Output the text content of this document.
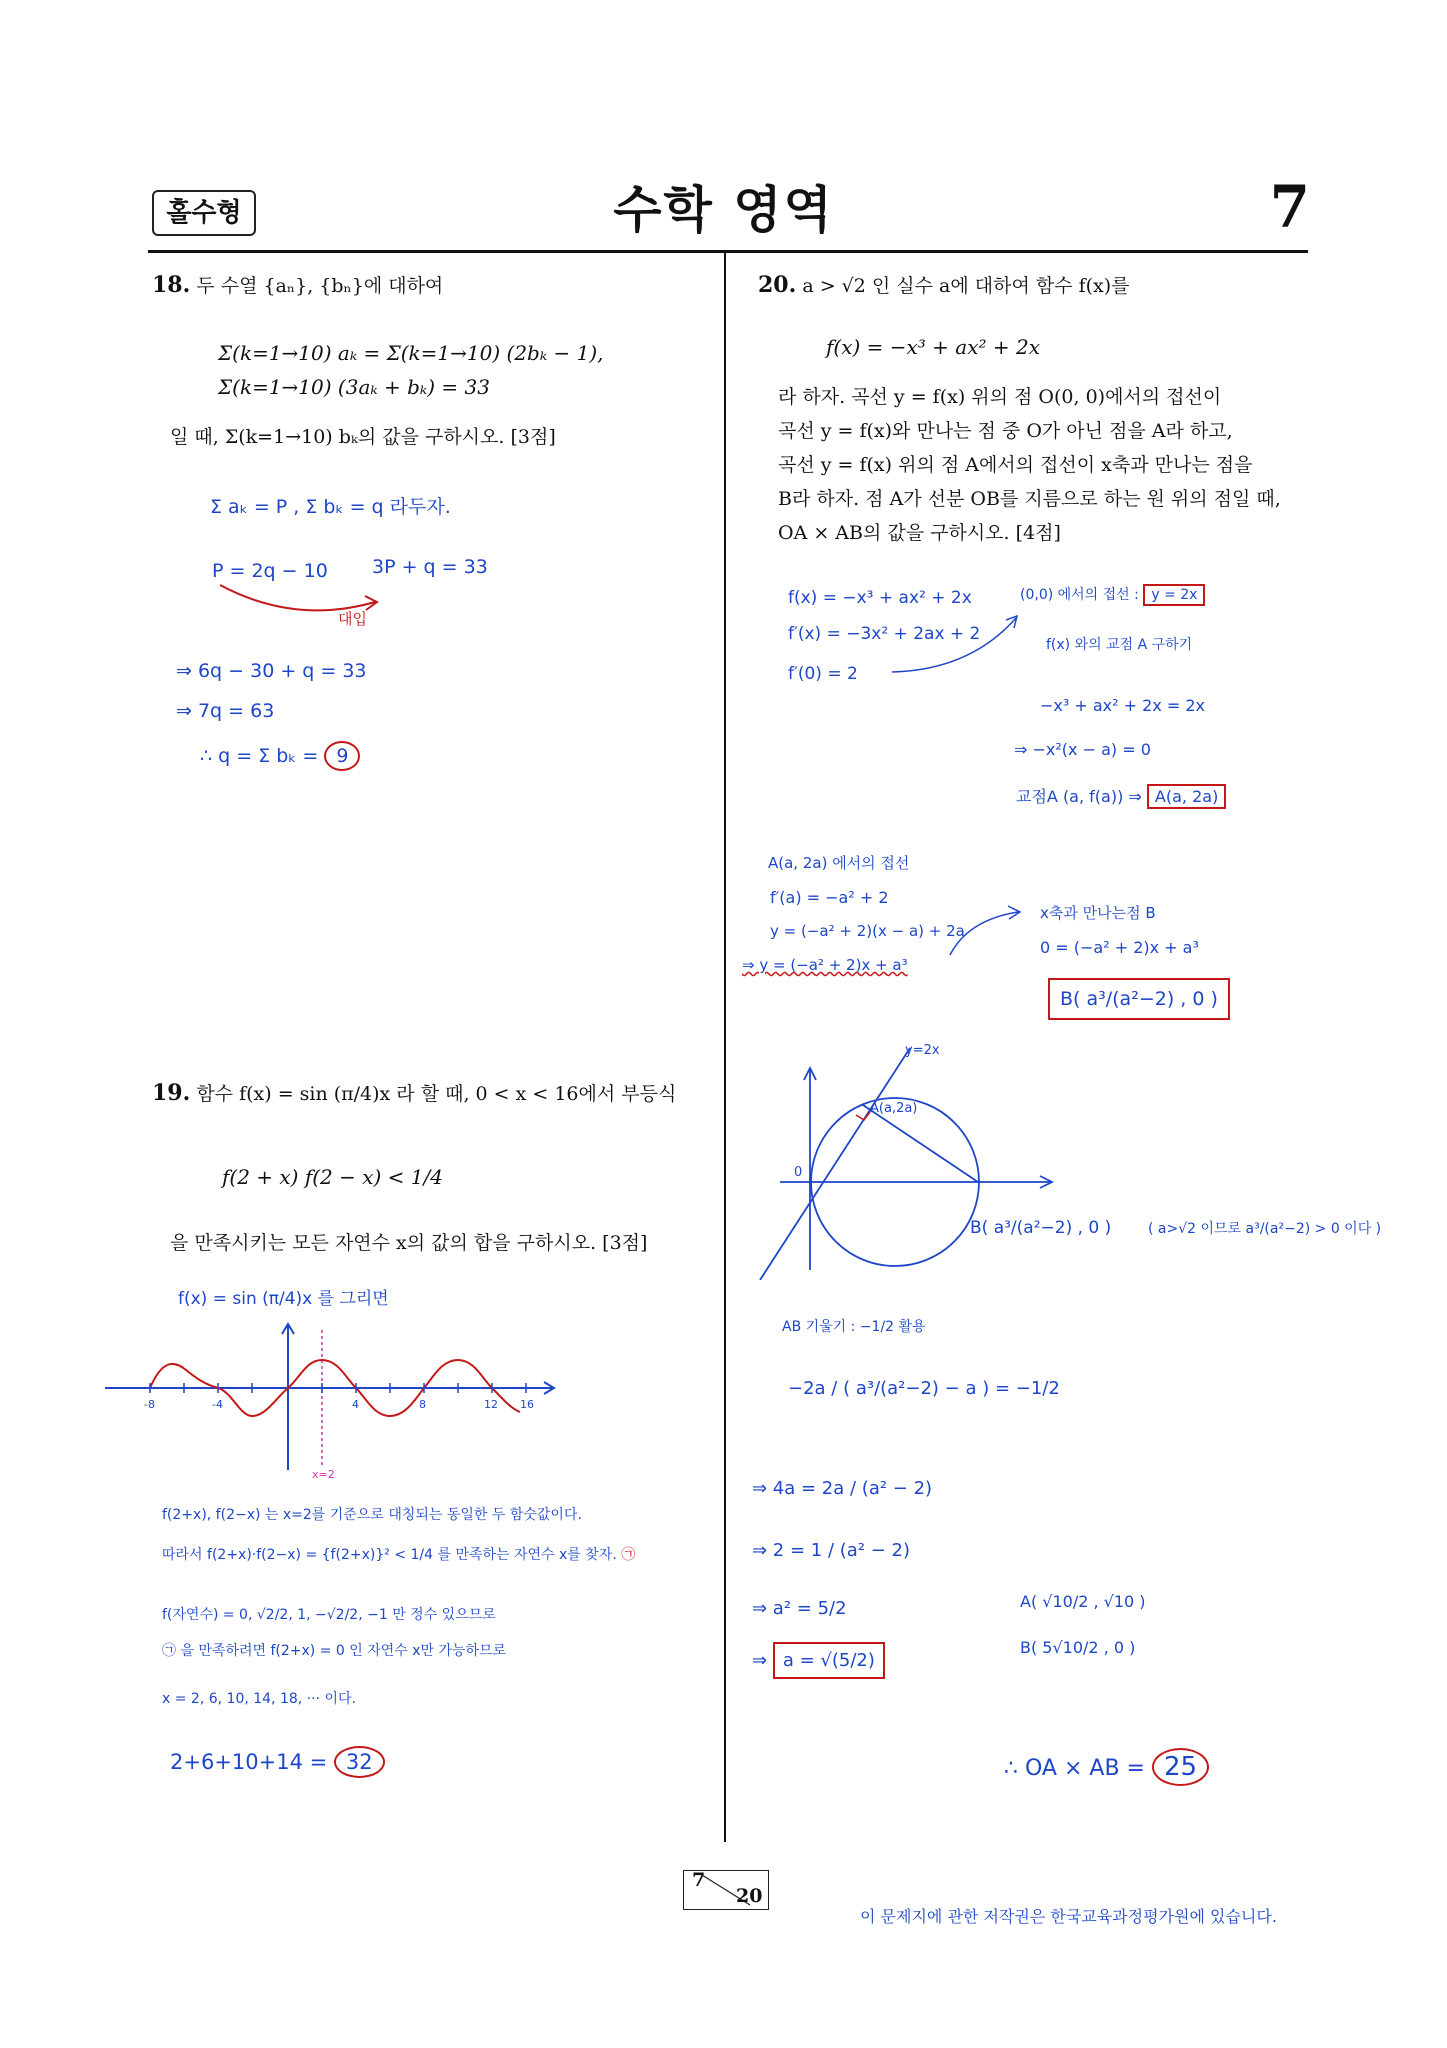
홀수형	수학 영역	7
18. 두 수열 {aₙ}, {bₙ}에 대하여
Σ(k=1→10) aₖ = Σ(k=1→10) (2bₖ − 1), Σ(k=1→10) (3aₖ + bₖ) = 33
일 때, Σ(k=1→10) bₖ의 값을 구하시오. [3점]
Σ aₖ = P , Σ bₖ = q 라두자.
P = 2q − 10 3P + q = 33
대입
⇒ 6q − 30 + q = 33
⇒ 7q = 63
∴ q = Σ bₖ = 9
19. 함수 f(x) = sin (π/4)x 라 할 때, 0 < x < 16에서 부등식
f(2 + x) f(2 − x) < 1/4
을 만족시키는 모든 자연수 x의 값의 합을 구하시오. [3점]
f(x) = sin (π/4)x 를 그리면
-8	-4	4	8	12 16
x=2
f(2+x), f(2−x) 는 x=2를 기준으로 대칭되는 동일한 두 함숫값이다.
따라서 f(2+x)·f(2−x) = {f(2+x)}² < 1/4 를 만족하는 자연수 x를 찾자. ㉠
f(자연수) = 0, √2/2, 1, −√2/2, −1 만 정수 있으므로
㉠ 을 만족하려면 f(2+x) = 0 인 자연수 x만 가능하므로
x = 2, 6, 10, 14, 18, ··· 이다.
2+6+10+14 = 32
20. a > √2 인 실수 a에 대하여 함수 f(x)를
f(x) = −x³ + ax² + 2x
라 하자. 곡선 y = f(x) 위의 점 O(0, 0)에서의 접선이
곡선 y = f(x)와 만나는 점 중 O가 아닌 점을 A라 하고,
곡선 y = f(x) 위의 점 A에서의 접선이 x축과 만나는 점을
B라 하자. 점 A가 선분 OB를 지름으로 하는 원 위의 점일 때,
OA × AB의 값을 구하시오. [4점]
f(x) = −x³ + ax² + 2x
f′(x) = −3x² + 2ax + 2
f′(0) = 2
(0,0) 에서의 접선 : y = 2x
f(x) 와의 교점 A 구하기
−x³ + ax² + 2x = 2x
⇒ −x²(x − a) = 0
교점A (a, f(a)) ⇒ A(a, 2a)
A(a, 2a) 에서의 접선
f′(a) = −a² + 2
y = (−a² + 2)(x − a) + 2a
⇒ y = (−a² + 2)x + a³
x축과 만나는점 B
0 = (−a² + 2)x + a³
B( a³/(a²−2) , 0 )
y=2x
A(a,2a)
0
B( a³/(a²−2) , 0 )	( a>√2 이므로 a³/(a²−2) > 0 이다 )
AB 기울기 : −1/2 활용
−2a / ( a³/(a²−2) − a ) = −1/2
⇒ 4a = 2a / (a² − 2)
⇒ 2 = 1 / (a² − 2)
⇒ a² = 5/2
⇒ a = √(5/2)
A( √10/2 , √10 )
B( 5√10/2 , 0 )
∴ OA × AB = 25
7
20
이 문제지에 관한 저작권은 한국교육과정평가원에 있습니다.
